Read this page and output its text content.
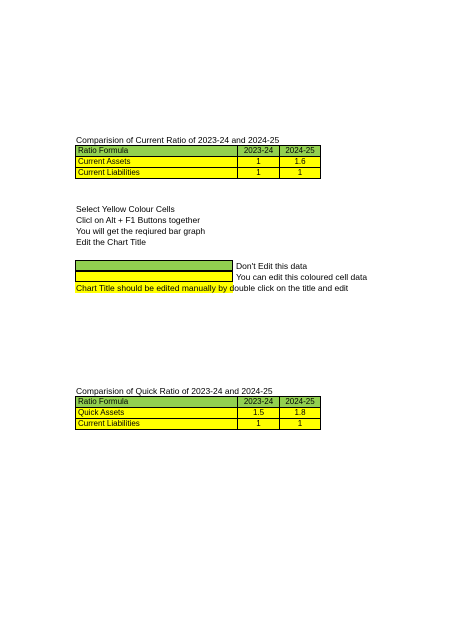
Comparision of Current Ratio of 2023-24 and 2024-25
Ratio Formula	2023-24	2024-25
Current Assets	1	1.6
Current Liabilities	1	1
Select Yellow Colour Cells
Clicl on Alt + F1 Buttons together
You will get the reqiured bar graph
Edit the Chart Title
Don't Edit this data
You can edit this coloured cell data
Chart Title should be edited manually by double click on the title and edit
Comparision of Quick Ratio of 2023-24 and 2024-25
Ratio Formula	2023-24	2024-25
Quick Assets	1.5	1.8
Current Liabilities	1	1
